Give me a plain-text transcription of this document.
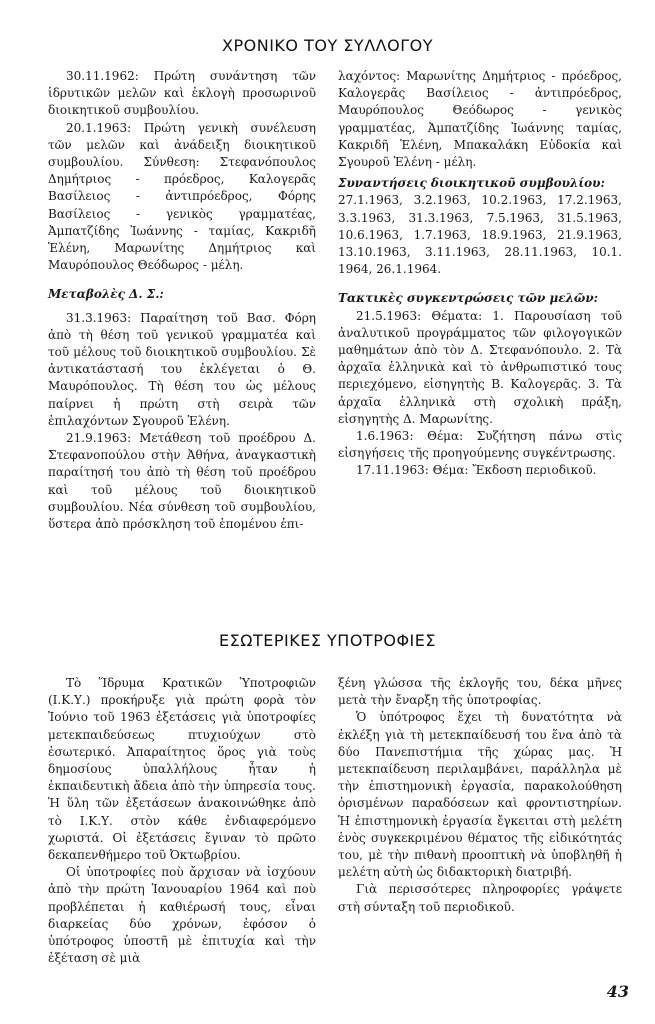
ΧΡΟΝΙΚΟ ΤΟΥ ΣΥΛΛΟΓΟΥ

30.11.1962: Πρώτη συνάντηση τῶν ἱδρυτικῶν μελῶν καὶ ἐκλογὴ προσωρινοῦ διοικητικοῦ συμβουλίου.

20.1.1963: Πρώτη γενικὴ συνέλευση τῶν μελῶν καὶ ἀνάδειξη διοικητικοῦ συμβουλίου. Σύνθεση: Στεφανόπουλος Δημήτριος - πρόεδρος, Καλογερᾶς Βασίλειος - ἀντιπρόεδρος, Φόρης Βασίλειος - γενικὸς γραμματέας, Ἀμπατζίδης Ἰωάννης - ταμίας, Κακριδῆ Ἑλένη, Μαρωνίτης Δημήτριος καὶ Μαυρόπουλος Θεόδωρος - μέλη.

Μεταβολὲς Δ. Σ.:

31.3.1963: Παραίτηση τοῦ Βασ. Φόρη ἀπὸ τὴ θέση τοῦ γενικοῦ γραμματέα καὶ τοῦ μέλους τοῦ διοικητικοῦ συμβουλίου. Σὲ ἀντικατάστασή του ἐκλέγεται ὁ Θ. Μαυρόπουλος. Τὴ θέση του ὡς μέλους παίρνει ἡ πρώτη στὴ σειρὰ τῶν ἐπιλαχόντων Σγουροῦ Ἑλένη.

21.9.1963: Μετάθεση τοῦ προέδρου Δ. Στεφανοπούλου στὴν Ἀθήνα, ἀναγκαστικὴ παραίτησή του ἀπὸ τὴ θέση τοῦ προέδρου καὶ τοῦ μέλους τοῦ διοικητικοῦ συμβουλίου. Νέα σύνθεση τοῦ συμβουλίου, ὕστερα ἀπὸ πρόσκληση τοῦ ἑπομένου ἐπι-

λαχόντος: Μαρωνίτης Δημήτριος - πρόεδρος, Καλογερᾶς Βασίλειος - ἀντιπρόεδρος, Μαυρόπουλος Θεόδωρος - γενικὸς γραμματέας, Ἀμπατζίδης Ἰωάννης ταμίας, Κακριδῆ Ἑλένη, Μπακαλάκη Εὐδοκία καὶ Σγουροῦ Ἑλένη - μέλη.

Συναντήσεις διοικητικοῦ συμβουλίου:

27.1.1963, 3.2.1963, 10.2.1963, 17.2.1963, 3.3.1963, 31.3.1963, 7.5.1963, 31.5.1963, 10.6.1963, 1.7.1963, 18.9.1963, 21.9.1963, 13.10.1963, 3.11.1963, 28.11.1963, 10.1. 1964, 26.1.1964.

Τακτικὲς συγκεντρώσεις τῶν μελῶν:

21.5.1963: Θέματα: 1. Παρουσίαση τοῦ ἀναλυτικοῦ προγράμματος τῶν φιλογογικῶν μαθημάτων ἀπὸ τὸν Δ. Στεφανόπουλο. 2. Τὰ ἀρχαῖα ἑλληνικὰ καὶ τὸ ἀνθρωπιστικό τους περιεχόμενο, εἰσηγητὴς Β. Καλογερᾶς. 3. Τὰ ἀρχαῖα ἑλληνικὰ στὴ σχολικὴ πράξη, εἰσηγητὴς Δ. Μαρωνίτης.

1.6.1963: Θέμα: Συζήτηση πάνω στὶς εἰσηγήσεις τῆς προηγούμενης συγκέντρωσης.

17.11.1963: Θέμα: Ἔκδοση περιοδικοῦ.

ΕΣΩΤΕΡΙΚΕΣ ΥΠΟΤΡΟΦΙΕΣ

Τὸ Ἵδρυμα Κρατικῶν Ὑποτροφιῶν (Ι.Κ.Υ.) προκήρυξε γιὰ πρώτη φορὰ τὸν Ἰούνιο τοῦ 1963 ἐξετάσεις γιὰ ὑποτροφίες μετεκπαιδεύσεως πτυχιούχων στὸ ἐσωτερικό. Ἀπαραίτητος ὅρος γιὰ τοὺς δημοσίους ὑπαλλήλους ἦταν ἡ ἐκπαιδευτικὴ ἄδεια ἀπὸ τὴν ὑπηρεσία τους. Ἡ ὕλη τῶν ἐξετάσεων ἀνακοινώθηκε ἀπὸ τὸ Ι.Κ.Υ. στὸν κάθε ἐνδιαφερόμενο χωριστά. Οἱ ἐξετάσεις ἔγιναν τὸ πρῶτο δεκαπενθήμερο τοῦ Ὀκτωβρίου.

Οἱ ὑποτροφίες ποὺ ἄρχισαν νὰ ἰσχύουν ἀπὸ τὴν πρώτη Ἰανουαρίου 1964 καὶ ποὺ προβλέπεται ἡ καθιέρωσή τους, εἶναι διαρκείας δύο χρόνων, ἐφόσον ὁ ὑπότροφος ὑποστῆ μὲ ἐπιτυχία καὶ τὴν ἐξέταση σὲ μιὰ

ξένη γλώσσα τῆς ἐκλογῆς του, δέκα μῆνες μετὰ τὴν ἔναρξη τῆς ὑποτροφίας.

Ὁ ὑπότροφος ἔχει τὴ δυνατότητα νὰ ἐκλέξη γιὰ τὴ μετεκπαίδευσή του ἕνα ἀπὸ τὰ δύο Πανεπιστήμια τῆς χώρας μας. Ἡ μετεκπαίδευση περιλαμβάνει, παράλληλα μὲ τὴν ἐπιστημονικὴ ἐργασία, παρακολούθηση ὁρισμένων παραδόσεων καὶ φροντιστηρίων. Ἡ ἐπιστημονικὴ ἐργασία ἔγκειται στὴ μελέτη ἑνὸς συγκεκριμένου θέματος τῆς εἰδικότητάς του, μὲ τὴν πιθανὴ προοπτικὴ νὰ ὑποβληθῆ ἡ μελέτη αὐτὴ ὡς διδακτορικὴ διατριβή.

Γιὰ περισσότερες πληροφορίες γράψετε στὴ σύνταξη τοῦ περιοδικοῦ.

43
